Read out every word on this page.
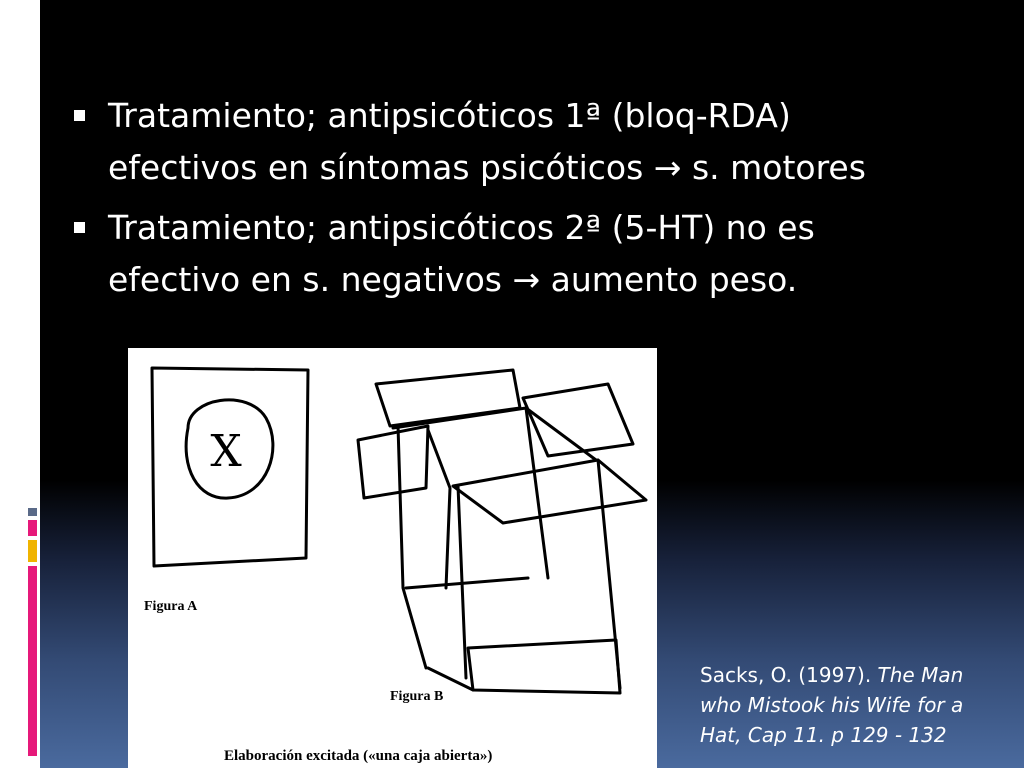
Tratamiento; antipsicóticos 1ª (bloq-RDA)
efectivos en síntomas psicóticos → s. motores
Tratamiento; antipsicóticos 2ª (5-HT) no es
efectivo en s. negativos → aumento peso.
X
Figura A
Figura B
Elaboración excitada («una caja abierta»)
Sacks, O. (1997). The Man
who Mistook his Wife for a
Hat, Cap 11. p 129 - 132
